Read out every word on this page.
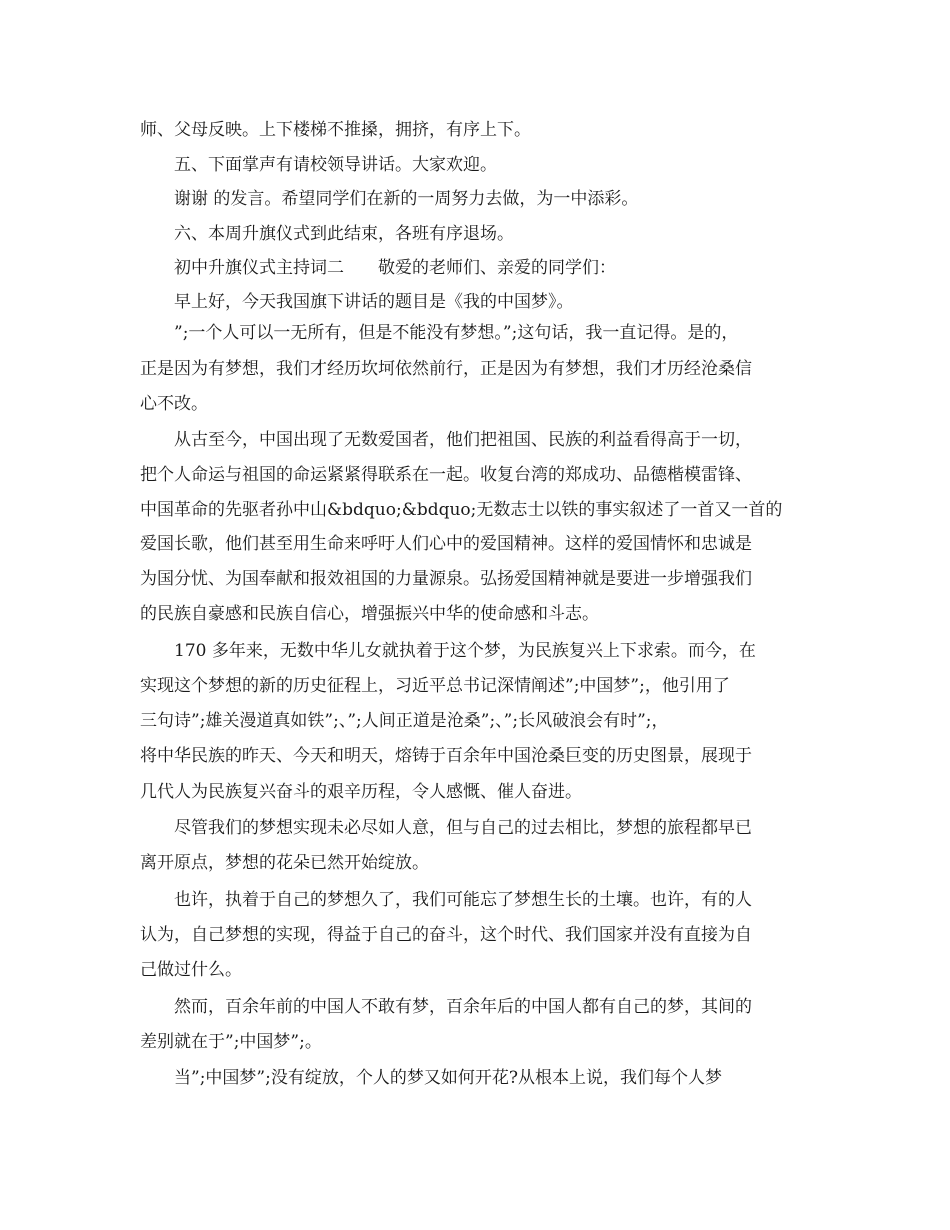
师、父母反映。上下楼梯不推搡，拥挤，有序上下。
五、下面掌声有请校领导讲话。大家欢迎。
谢谢 的发言。希望同学们在新的一周努力去做，为一中添彩。
六、本周升旗仪式到此结束，各班有序退场。
初中升旗仪式主持词二　　敬爱的老师们、亲爱的同学们：
早上好，今天我国旗下讲话的题目是《我的中国梦》。
”;一个人可以一无所有，但是不能没有梦想。”;这句话，我一直记得。是的，
正是因为有梦想，我们才经历坎坷依然前行，正是因为有梦想，我们才历经沧桑信
心不改。
从古至今，中国出现了无数爱国者，他们把祖国、民族的利益看得高于一切，
把个人命运与祖国的命运紧紧得联系在一起。收复台湾的郑成功、品德楷模雷锋、
中国革命的先驱者孙中山&bdquo;&bdquo;无数志士以铁的事实叙述了一首又一首的
爱国长歌，他们甚至用生命来呼吁人们心中的爱国精神。这样的爱国情怀和忠诚是
为国分忧、为国奉献和报效祖国的力量源泉。弘扬爱国精神就是要进一步增强我们
的民族自豪感和民族自信心，增强振兴中华的使命感和斗志。
170 多年来，无数中华儿女就执着于这个梦，为民族复兴上下求索。而今，在
实现这个梦想的新的历史征程上，习近平总书记深情阐述”;中国梦”;，他引用了
三句诗”;雄关漫道真如铁”;、”;人间正道是沧桑”;、”;长风破浪会有时”;，
将中华民族的昨天、今天和明天，熔铸于百余年中国沧桑巨变的历史图景，展现于
几代人为民族复兴奋斗的艰辛历程，令人感慨、催人奋进。
尽管我们的梦想实现未必尽如人意，但与自己的过去相比，梦想的旅程都早已
离开原点，梦想的花朵已然开始绽放。
也许，执着于自己的梦想久了，我们可能忘了梦想生长的土壤。也许，有的人
认为，自己梦想的实现，得益于自己的奋斗，这个时代、我们国家并没有直接为自
己做过什么。
然而，百余年前的中国人不敢有梦，百余年后的中国人都有自己的梦，其间的
差别就在于”;中国梦”;。
当”;中国梦”;没有绽放，个人的梦又如何开花?从根本上说，我们每个人梦
